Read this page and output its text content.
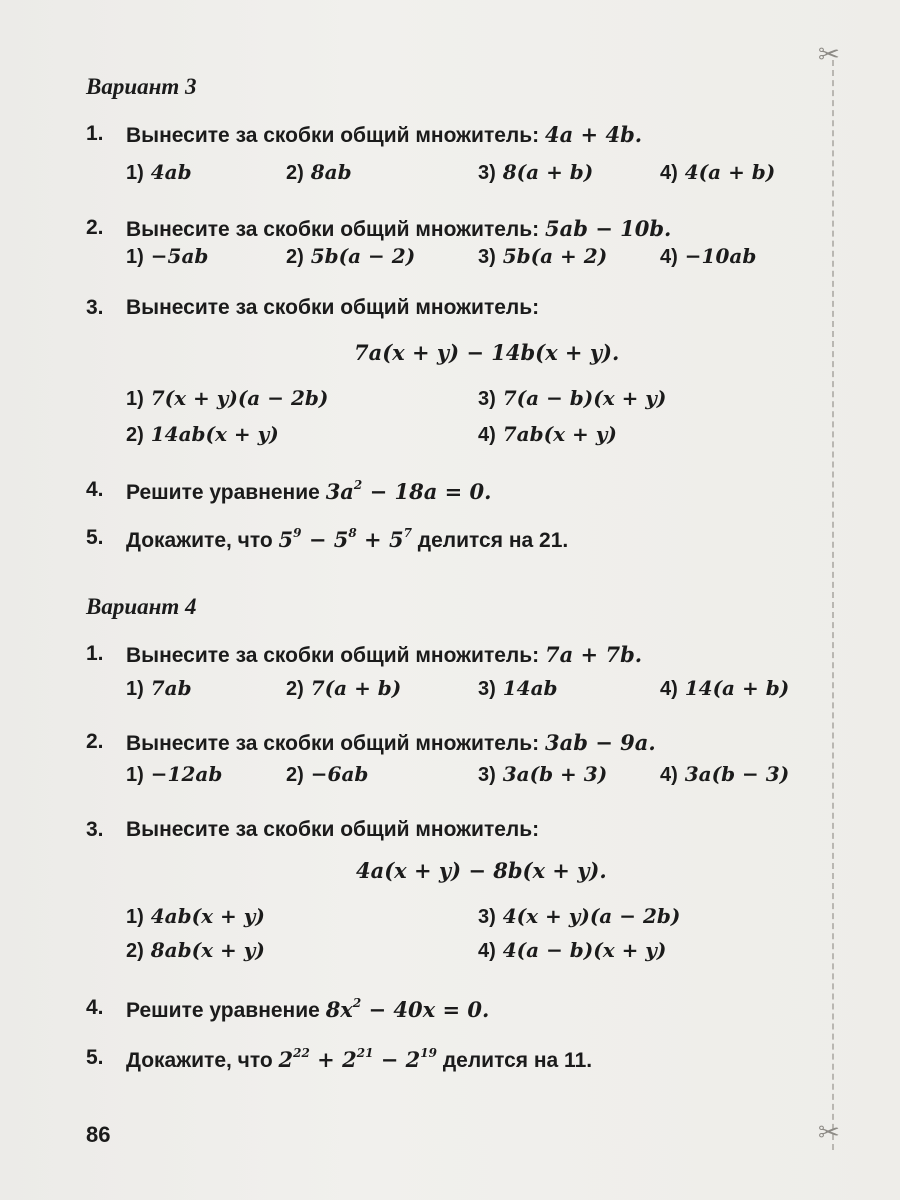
✂
✂
Вариант 3
1. Вынесите за скобки общий множитель: 4a + 4b.
1) 4ab	2) 8ab	3) 8(a + b)	4) 4(a + b)
2. Вынесите за скобки общий множитель: 5ab − 10b.
1) −5ab	2) 5b(a − 2)	3) 5b(a + 2)	4) −10ab
3. Вынесите за скобки общий множитель:
7a(x + y) − 14b(x + y).
1) 7(x + y)(a − 2b)	3) 7(a − b)(x + y)
2) 14ab(x + y)	4) 7ab(x + y)
4. Решите уравнение $3a^2 - 18a = 0$.
5. Докажите, что $5^9 - 5^8 + 5^7$ делится на 21.
Вариант 4
1. Вынесите за скобки общий множитель: 7a + 7b.
1) 7ab	2) 7(a + b)	3) 14ab	4) 14(a + b)
2. Вынесите за скобки общий множитель: 3ab − 9a.
1) −12ab	2) −6ab	3) 3a(b + 3)	4) 3a(b − 3)
3. Вынесите за скобки общий множитель:
4a(x + y) − 8b(x + y).
1) 4ab(x + y)	3) 4(x + y)(a − 2b)
2) 8ab(x + y)	4) 4(a − b)(x + y)
4. Решите уравнение $8x^2 - 40x = 0$.
5. Докажите, что $2^{22} + 2^{21} - 2^{19}$ делится на 11.
86
